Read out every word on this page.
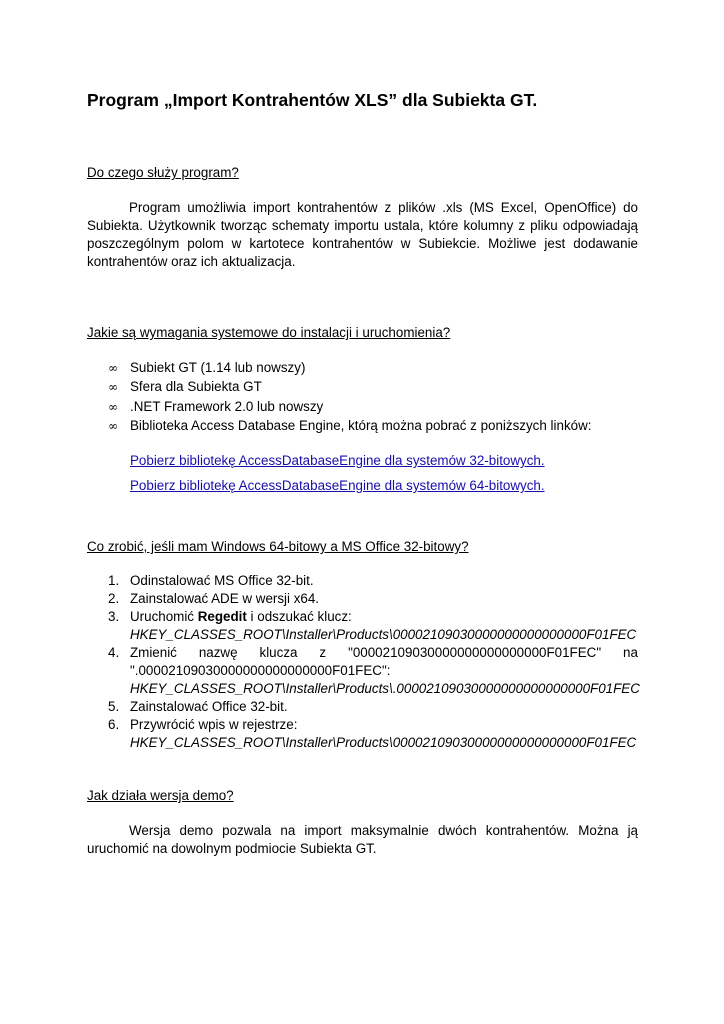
Program „Import Kontrahentów XLS” dla Subiekta GT.
Do czego służy program?
Program umożliwia import kontrahentów z plików .xls (MS Excel, OpenOffice) do Subiekta. Użytkownik tworząc schematy importu ustala, które kolumny z pliku odpowiadają poszczególnym polom w kartotece kontrahentów w Subiekcie. Możliwe jest dodawanie kontrahentów oraz ich aktualizacja.
Jakie są wymagania systemowe do instalacji i uruchomienia?
∞ Subiekt GT (1.14 lub nowszy)
∞ Sfera dla Subiekta GT
∞ .NET Framework 2.0 lub nowszy
∞ Biblioteka Access Database Engine, którą można pobrać z poniższych linków:
Pobierz bibliotekę AccessDatabaseEngine dla systemów 32-bitowych.
Pobierz bibliotekę AccessDatabaseEngine dla systemów 64-bitowych.
Co zrobić, jeśli mam Windows 64-bitowy a MS Office 32-bitowy?
1. Odinstalować MS Office 32-bit.
2. Zainstalować ADE w wersji x64.
3. Uruchomić Regedit i odszukać klucz:
HKEY_CLASSES_ROOT\Installer\Products\00002109030000000000000000F01FEC
4. Zmienić nazwę klucza z "00002109030000000000000000F01FEC" na
".00002109030000000000000000F01FEC":
HKEY_CLASSES_ROOT\Installer\Products\.00002109030000000000000000F01FEC
5. Zainstalować Office 32-bit.
6. Przywrócić wpis w rejestrze:
HKEY_CLASSES_ROOT\Installer\Products\00002109030000000000000000F01FEC
Jak działa wersja demo?
Wersja demo pozwala na import maksymalnie dwóch kontrahentów. Można ją uruchomić na dowolnym podmiocie Subiekta GT.
